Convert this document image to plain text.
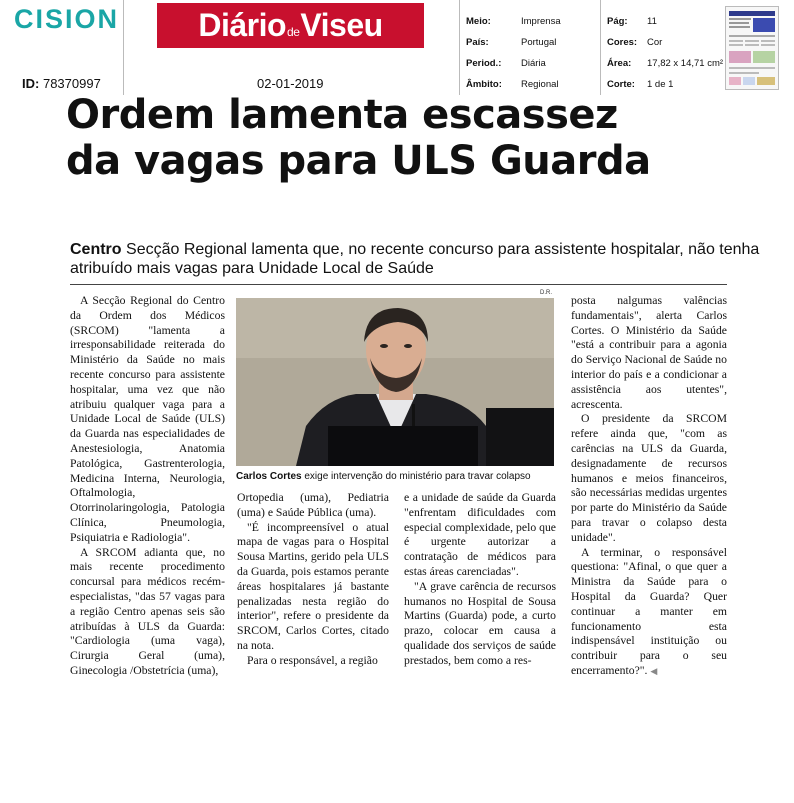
CISION Diário de Viseu	Meio:	Imprensa
País:	Portugal
Period.: Diária
Âmbito: Regional
Pág: 11
Cores: Cor
Área: 17,82 x 14,71 cm²
Corte: 1 de 1
ID: 78370997	02-01-2019
Ordem lamenta escassez
da vagas para ULS Guarda
Centro Secção Regional lamenta que, no recente concurso para assistente hospitalar, não tenha atribuído mais vagas para Unidade Local de Saúde

A Secção Regional do Centro da Ordem dos Médicos (SRCOM) "lamenta a irresponsabilidade reiterada do Ministério da Saúde no mais recente concurso para assistente hospitalar, uma vez que não atribuiu qualquer vaga para a Unidade Local de Saúde (ULS) da Guarda nas especialidades de Anestesiologia, Anatomia Patológica, Gastrenterologia, Medicina Interna, Neurologia, Oftalmologia, Otorrinolaringologia, Patologia Clínica, Pneumologia, Psiquiatria e Radiologia".

A SRCOM adianta que, no mais recente procedimento concursal para médicos recém-especialistas, "das 57 vagas para a região Centro apenas seis são atribuídas à ULS da Guarda: "Cardiologia (uma vaga), Cirurgia Geral (uma), Ginecologia /Obstetrícia (uma),

D.R.
Carlos Cortes exige intervenção do ministério para travar colapso

Ortopedia (uma), Pediatria (uma) e Saúde Pública (uma).

"É incompreensível o atual mapa de vagas para o Hospital Sousa Martins, gerido pela ULS da Guarda, pois estamos perante áreas hospitalares já bastante penalizadas nesta região do interior", refere o presidente da SRCOM, Carlos Cortes, citado na nota.

Para o responsável, a região

e a unidade de saúde da Guarda "enfrentam dificuldades com especial complexidade, pelo que é urgente autorizar a contratação de médicos para estas áreas carenciadas".

"A grave carência de recursos humanos no Hospital de Sousa Martins (Guarda) pode, a curto prazo, colocar em causa a qualidade dos serviços de saúde prestados, bem como a res-

posta nalgumas valências fundamentais", alerta Carlos Cortes. O Ministério da Saúde "está a contribuir para a agonia do Serviço Nacional de Saúde no interior do país e a condicionar a assistência aos utentes", acrescenta.

O presidente da SRCOM refere ainda que, "com as carências na ULS da Guarda, designadamente de recursos humanos e meios financeiros, são necessárias medidas urgentes por parte do Ministério da Saúde para travar o colapso desta unidade".

A terminar, o responsável questiona: "Afinal, o que quer a Ministra da Saúde para o Hospital da Guarda? Quer continuar a manter em funcionamento esta indispensável instituição ou contribuir para o seu encerramento?". ◀
